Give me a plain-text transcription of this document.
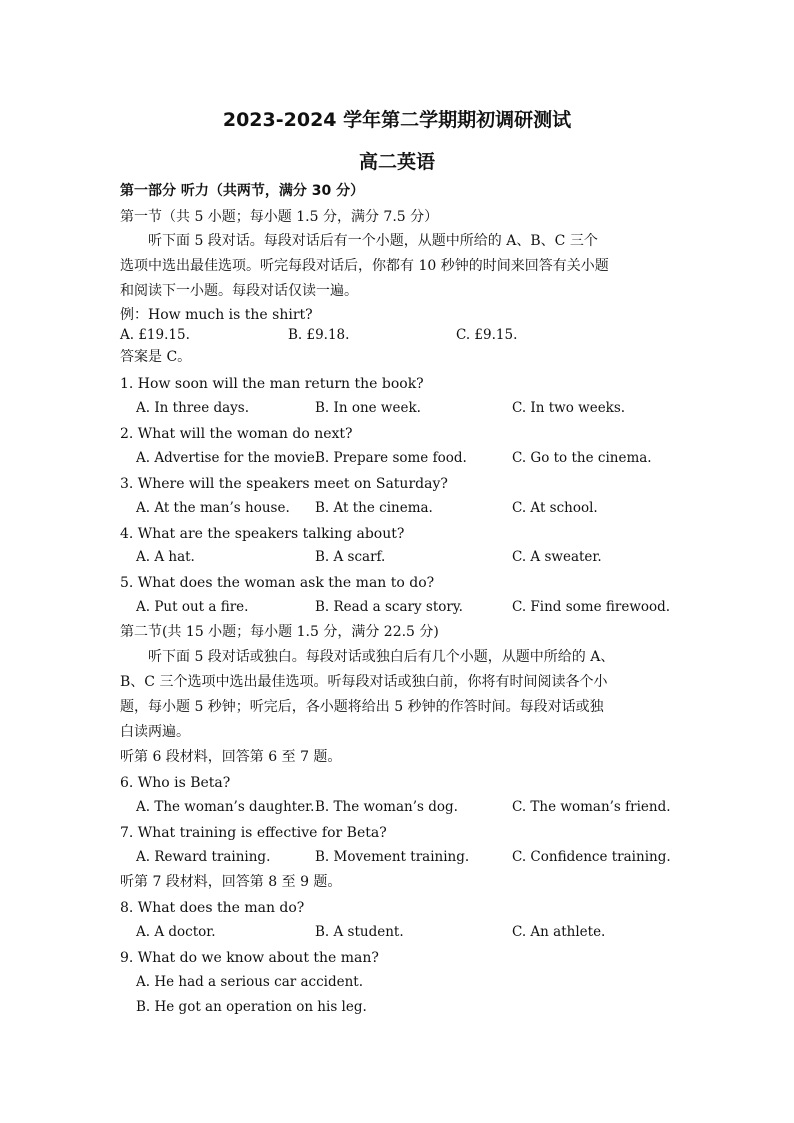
2023-2024 学年第二学期期初调研测试
高二英语
第一部分 听力（共两节，满分 30 分）
第一节（共 5 小题；每小题 1.5 分，满分 7.5 分）
听下面 5 段对话。每段对话后有一个小题，从题中所给的 A、B、C 三个
选项中选出最佳选项。听完每段对话后，你都有 10 秒钟的时间来回答有关小题
和阅读下一小题。每段对话仅读一遍。
例：How much is the shirt?
A. £19.15.	B. £9.18.	C. £9.15.
答案是 C。
1. How soon will the man return the book?
A. In three days.	B. In one week.	C. In two weeks.
2. What will the woman do next?
A. Advertise for the movie.
B. Prepare some food.	C. Go to the cinema.
3. Where will the speakers meet on Saturday?
A. At the man’s house. B. At the cinema.	C. At school.
4. What are the speakers talking about?
A. A hat.	B. A scarf.	C. A sweater.
5. What does the woman ask the man to do?
A. Put out a fire.	B. Read a scary story.	C. Find some firewood.
第二节(共 15 小题；每小题 1.5 分，满分 22.5 分)
听下面 5 段对话或独白。每段对话或独白后有几个小题，从题中所给的 A、
B、C 三个选项中选出最佳选项。听每段对话或独白前，你将有时间阅读各个小
题，每小题 5 秒钟；听完后，各小题将给出 5 秒钟的作答时间。每段对话或独
白读两遍。
听第 6 段材料，回答第 6 至 7 题。
6. Who is Beta?
A. The woman’s daughter. B. The woman’s dog.	C. The woman’s friend.
7. What training is effective for Beta?
A. Reward training.	B. Movement training.	C. Confidence training.
听第 7 段材料，回答第 8 至 9 题。
8. What does the man do?
A. A doctor.	B. A student.	C. An athlete.
9. What do we know about the man?
A. He had a serious car accident.
B. He got an operation on his leg.
